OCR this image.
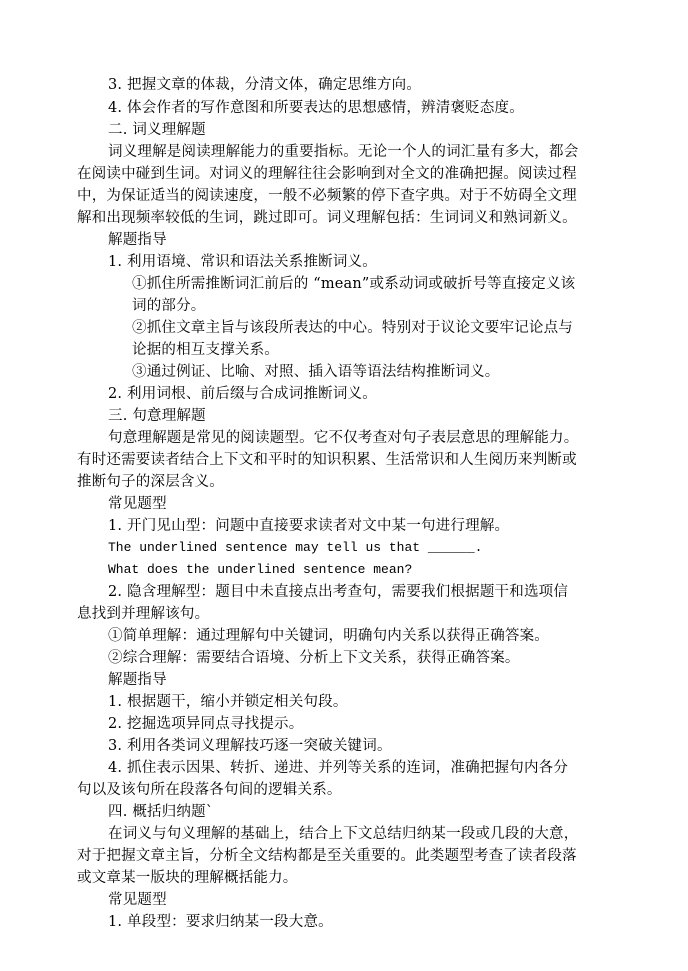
3. 把握文章的体裁，分清文体，确定思维方向。
4. 体会作者的写作意图和所要表达的思想感情，辨清褒贬态度。
二. 词义理解题
词义理解是阅读理解能力的重要指标。无论一个人的词汇量有多大，都会
在阅读中碰到生词。对词义的理解往往会影响到对全文的准确把握。阅读过程
中，为保证适当的阅读速度，一般不必频繁的停下查字典。对于不妨碍全文理
解和出现频率较低的生词，跳过即可。词义理解包括：生词词义和熟词新义。
解题指导
1. 利用语境、常识和语法关系推断词义。
①抓住所需推断词汇前后的 “mean”或系动词或破折号等直接定义该
词的部分。
②抓住文章主旨与该段所表达的中心。特别对于议论文要牢记论点与
论据的相互支撑关系。
③通过例证、比喻、对照、插入语等语法结构推断词义。
2. 利用词根、前后缀与合成词推断词义。
三. 句意理解题
句意理解题是常见的阅读题型。它不仅考查对句子表层意思的理解能力。
有时还需要读者结合上下文和平时的知识积累、生活常识和人生阅历来判断或
推断句子的深层含义。
常见题型
1. 开门见山型：问题中直接要求读者对文中某一句进行理解。
The underlined sentence may tell us that ______.
What does the underlined sentence mean?
2. 隐含理解型：题目中未直接点出考查句，需要我们根据题干和选项信
息找到并理解该句。
①简单理解：通过理解句中关键词，明确句内关系以获得正确答案。
②综合理解：需要结合语境、分析上下文关系，获得正确答案。
解题指导
1. 根据题干，缩小并锁定相关句段。
2. 挖掘选项异同点寻找提示。
3. 利用各类词义理解技巧逐一突破关键词。
4. 抓住表示因果、转折、递进、并列等关系的连词，准确把握句内各分
句以及该句所在段落各句间的逻辑关系。
四. 概括归纳题`
在词义与句义理解的基础上，结合上下文总结归纳某一段或几段的大意，
对于把握文章主旨，分析全文结构都是至关重要的。此类题型考查了读者段落
或文章某一版块的理解概括能力。
常见题型
1. 单段型：要求归纳某一段大意。
